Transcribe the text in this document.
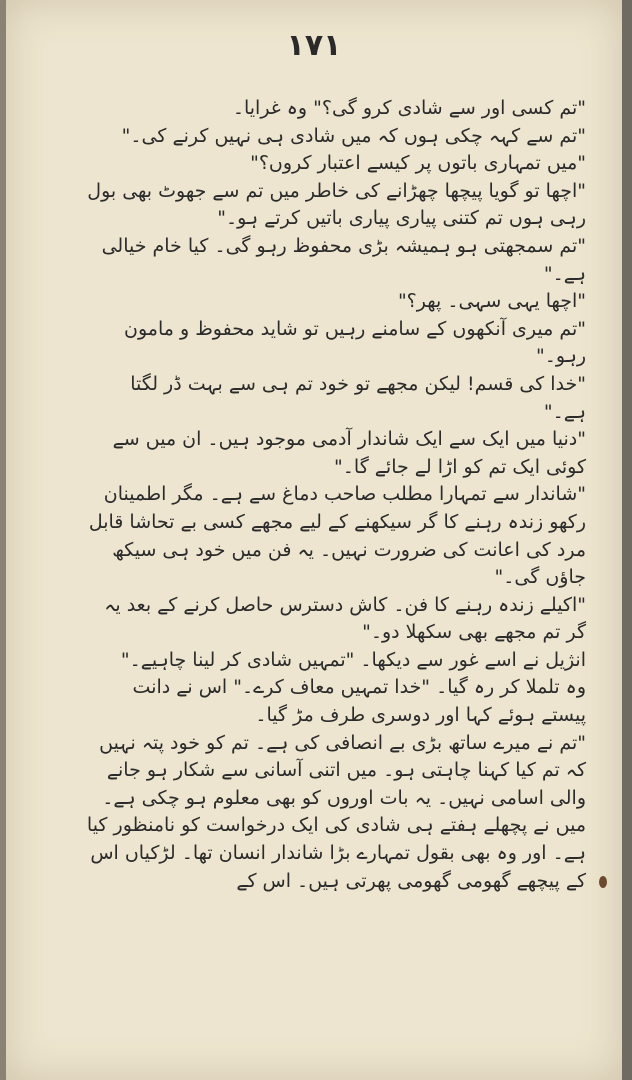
۱۷۱

"تم کسی اور سے شادی کرو گی؟" وہ غرایا۔

"تم سے کہہ چکی ہوں کہ میں شادی ہی نہیں کرنے کی۔"

"میں تمہاری باتوں پر کیسے اعتبار کروں؟"

"اچھا تو گویا پیچھا چھڑانے کی خاطر میں تم سے جھوٹ بھی بول رہی ہوں تم کتنی پیاری پیاری باتیں کرتے ہو۔"

"تم سمجھتی ہو ہمیشہ بڑی محفوظ رہو گی۔ کیا خام خیالی ہے۔"

"اچھا یہی سہی۔ پھر؟"

"تم میری آنکھوں کے سامنے رہیں تو شاید محفوظ و مامون رہو۔"

"خدا کی قسم! لیکن مجھے تو خود تم ہی سے بہت ڈر لگتا ہے۔"

"دنیا میں ایک سے ایک شاندار آدمی موجود ہیں۔ ان میں سے کوئی ایک تم کو اڑا لے جائے گا۔"

"شاندار سے تمہارا مطلب صاحب دماغ سے ہے۔ مگر اطمینان رکھو زندہ رہنے کا گر سیکھنے کے لیے مجھے کسی بے تحاشا قابل مرد کی اعانت کی ضرورت نہیں۔ یہ فن میں خود ہی سیکھ جاؤں گی۔"

"اکیلے زندہ رہنے کا فن۔ کاش دسترس حاصل کرنے کے بعد یہ گر تم مجھے بھی سکھلا دو۔"

انژیل نے اسے غور سے دیکھا۔ "تمہیں شادی کر لینا چاہیے۔"

وہ تلملا کر رہ گیا۔ "خدا تمہیں معاف کرے۔" اس نے دانت پیستے ہوئے کہا اور دوسری طرف مڑ گیا۔

"تم نے میرے ساتھ بڑی بے انصافی کی ہے۔ تم کو خود پتہ نہیں کہ تم کیا کہنا چاہتی ہو۔ میں اتنی آسانی سے شکار ہو جانے والی اسامی نہیں۔ یہ بات اوروں کو بھی معلوم ہو چکی ہے۔ میں نے پچھلے ہفتے ہی شادی کی ایک درخواست کو نامنظور کیا ہے۔ اور وہ بھی بقول تمہارے بڑا شاندار انسان تھا۔ لڑکیاں اس کے پیچھے گھومی گھومی پھرتی ہیں۔ اس کے
